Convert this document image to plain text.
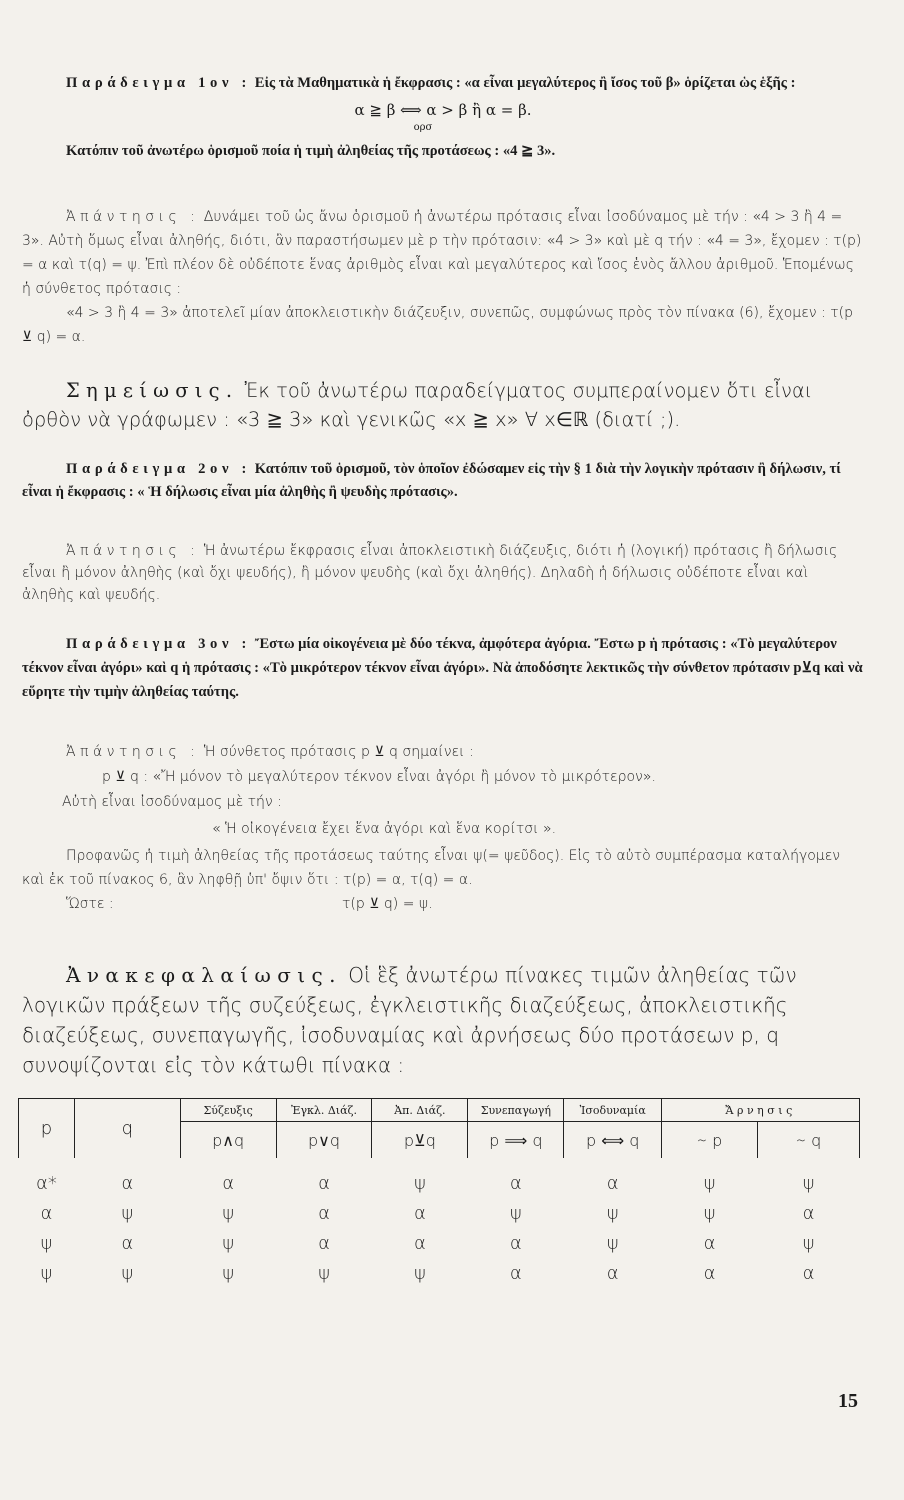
Παράδειγμα 1ον : Εἰς τὰ Μαθηματικὰ ἡ ἔκφρασις : «α εἶναι μεγαλύτερος ἢ ἴσος τοῦ β» ὁρίζεται ὡς ἑξῆς :
α ≧ β ⟺ α > β ἢ α = β.
ορσ
Κατόπιν τοῦ ἀνωτέρω ὁρισμοῦ ποία ἡ τιμὴ ἀληθείας τῆς προτάσεως : «4 ≧ 3».
Ἀπάντησις : Δυνάμει τοῦ ὡς ἄνω ὁρισμοῦ ἡ ἀνωτέρω πρότασις εἶναι ἰσοδύναμος μὲ τήν : «4 > 3 ἢ 4 = 3». Αὐτὴ ὅμως εἶναι ἀληθής, διότι, ἂν παραστήσωμεν μὲ p τὴν πρότασιν: «4 > 3» καὶ μὲ q τήν : «4 = 3», ἔχομεν : τ(p) = α καὶ τ(q) = ψ. Ἐπὶ πλέον δὲ οὐδέποτε ἕνας ἀριθμὸς εἶναι καὶ μεγαλύτερος καὶ ἴσος ἑνὸς ἄλλου ἀριθμοῦ. Ἑπομένως ἡ σύνθετος πρότασις :
«4 > 3 ἢ 4 = 3» ἀποτελεῖ μίαν ἀποκλειστικὴν διάζευξιν, συνεπῶς, συμφώνως πρὸς τὸν πίνακα (6), ἔχομεν : τ(p ⊻ q) = α.
Σημείωσις. Ἐκ τοῦ ἀνωτέρω παραδείγματος συμπεραίνομεν ὅτι εἶναι ὀρθὸν νὰ γράφωμεν : «3 ≧ 3» καὶ γενικῶς «x ≧ x» ∀ x∈ℝ (διατί ;).
Παράδειγμα 2ον : Κατόπιν τοῦ ὁρισμοῦ, τὸν ὁποῖον ἐδώσαμεν εἰς τὴν § 1 διὰ τὴν λογικὴν πρότασιν ἢ δήλωσιν, τί εἶναι ἡ ἔκφρασις : « Ἡ δήλωσις εἶναι μία ἀληθὴς ἢ ψευδὴς πρότασις».
Ἀπάντησις : Ἡ ἀνωτέρω ἔκφρασις εἶναι ἀποκλειστικὴ διάζευξις, διότι ἡ (λογική) πρότασις ἢ δήλωσις εἶναι ἢ μόνον ἀληθὴς (καὶ ὄχι ψευδής), ἢ μόνον ψευδὴς (καὶ ὄχι ἀληθής). Δηλαδὴ ἡ δήλωσις οὐδέποτε εἶναι καὶ ἀληθὴς καὶ ψευδής.
Παράδειγμα 3ον : Ἔστω μία οἰκογένεια μὲ δύο τέκνα, ἀμφότερα ἀγόρια. Ἔστω p ἡ πρότασις : «Τὸ μεγαλύτερον τέκνον εἶναι ἀγόρι» καὶ q ἡ πρότασις : «Τὸ μικρότερον τέκνον εἶναι ἀγόρι». Νὰ ἀποδόσητε λεκτικῶς τὴν σύνθετον πρότασιν p⊻q καὶ νὰ εὕρητε τὴν τιμὴν ἀληθείας ταύτης.
Ἀπάντησις : Ἡ σύνθετος πρότασις p ⊻ q σημαίνει :
p ⊻ q : «Ἤ μόνον τὸ μεγαλύτερον τέκνον εἶναι ἀγόρι ἢ μόνον τὸ μικρότερον».
Αὐτὴ εἶναι ἰσοδύναμος μὲ τήν :
« Ἡ οἰκογένεια ἔχει ἕνα ἀγόρι καὶ ἕνα κορίτσι ».
Προφανῶς ἡ τιμὴ ἀληθείας τῆς προτάσεως ταύτης εἶναι ψ(= ψεῦδος). Εἰς τὸ αὐτὸ συμπέρασμα καταλήγομεν καὶ ἐκ τοῦ πίνακος 6, ἂν ληφθῇ ὑπ' ὄψιν ὅτι : τ(p) = α, τ(q) = α.
Ὥστε :	τ(p ⊻ q) = ψ.
Ἀνακεφαλαίωσις. Οἱ ἓξ ἀνωτέρω πίνακες τιμῶν ἀληθείας τῶν λογικῶν πράξεων τῆς συζεύξεως, ἐγκλειστικῆς διαζεύξεως, ἀποκλειστικῆς διαζεύξεως, συνεπαγωγῆς, ἰσοδυναμίας καὶ ἀρνήσεως δύο προτάσεων p, q συνοψίζονται εἰς τὸν κάτωθι πίνακα :
p	q	Σύζευξις	Ἐγκλ. Διάζ.	Ἀπ. Διάζ.	Συνεπαγωγή	Ἰσοδυναμία	Ἄρνησις	
		p∧q	p∨q	p⊻q	p ⟹ q	p ⟺ q	∼ p	∼ q
α*	α	α	α	ψ	α	α	ψ	ψ
α	ψ	ψ	α	α	ψ	ψ	ψ	α
ψ	α	ψ	α	α	α	ψ	α	ψ
ψ	ψ	ψ	ψ	ψ	α	α	α	α
15
